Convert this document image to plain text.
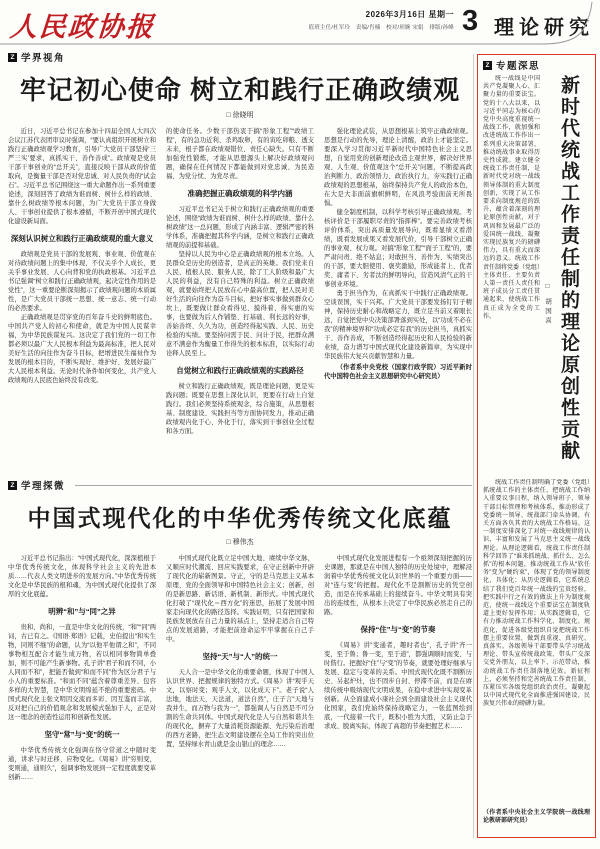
人民政协报	2026年3月16日 星期一
值班主任/杜军玲　责编/肖楠　校对/顼婉 宋娟　排版/孙峰 3 理论研究
Z 学界视角
牢记初心使命 树立和践行正确政绩观
□ 徐晓明

近日，习近平总书记在参加十四届全国人大四次会议江苏代表团审议时强调，“要认真组织开展树立和践行正确政绩观学习教育，引导广大党员干部坚持‘三严三实’要求，真抓实干、善作善成”。政绩观是党员干部干事创业的“总开关”，直接反映干部从政的价值取向，是衡量干部是否对党忠诚、对人民负责的“试金石”。习近平总书记围绕这一重大命题作出一系列重要论述，深刻回答了政绩为谁而树、树什么样的政绩、靠什么树政绩等根本问题，为广大党员干部立身做人、干事创业提供了根本遵循，不断开创中国式现代化建设新局面。

深刻认识树立和践行正确政绩观的重大意义

政绩观是党员干部的发展观、事业观、价值观在对待政绩问题上的集中体现，不仅关乎个人成长，更关乎事业发展、人心向背和党的执政根基。习近平总书记强调“树立和践行正确政绩观，起决定性作用的是党性”，这一重要论断深刻揭示了政绩观问题的本质属性，是广大党员干部统一思想、统一意志、统一行动的必然要求。

正确政绩观是贯穿党的百年奋斗史的鲜明底色。中国共产党人的初心和使命，就是为中国人民谋幸福，为中华民族谋复兴。这决定了我们党的一切工作都必须以最广大人民根本利益为最高标准，把人民对美好生活的向往作为奋斗目标，把增进民生福祉作为发展的根本目的，不断实现好、维护好、发展好最广大人民根本利益。无论时代条件如何变化，共产党人政绩观的人民底色始终没有改变。

的使命任务。少数干部热衷于搞“形象工程”“政绩工程”，有的急功近利、杀鸡取卵，有的寅吃卯粮、透支未来，根子都在政绩观错位、责任心缺失。只有不断加强党性锻炼，才能从思想源头上解决好政绩观问题，确保在任何情况下都能做到对党忠诚、为民造福、为党分忧、为党尽责。

准确把握正确政绩观的科学内涵

习近平总书记关于树立和践行正确政绩观的重要论述，围绕“政绩为谁而树、树什么样的政绩、靠什么树政绩”这一总问题，形成了内涵丰富、逻辑严密的科学体系，准确把握其科学内涵，是树立和践行正确政绩观的前提和基础。

坚持以人民为中心是正确政绩观的根本立场。人民群众是历史的创造者，是真正的英雄。我们党来自人民、植根人民、服务人民，除了工人阶级和最广大人民的利益，没有自己特殊的利益。树立正确政绩观，就要始终把人民放在心中最高位置，把人民对美好生活的向往作为奋斗目标，把好事实事做到群众心坎上，既要做让群众看得见、摸得着、得实惠的实事，也要做为后人作铺垫、打基础、利长远的好事，善始善终、久久为功，创造经得起实践、人民、历史检验的实绩。要坚持问需于民、问计于民，把群众满意不满意作为衡量工作得失的根本标准，以实际行动诠释人民至上。

自觉树立和践行正确政绩观的实践路径

树立和践行正确政绩观，既是理论问题，更是实践问题；既要在思想上深化认识，更要在行动上自觉践行。我们必须坚持系统观念，综合施策，从思想根基、制度建设、实践担当等方面协同发力，推动正确政绩观内化于心、外化于行，落实到干事创业全过程和各方面。

强化理论武装，从思想根基上筑牢正确政绩观。思想是行动的先导，理论上清醒，政治上才能坚定。要深入学习贯彻习近平新时代中国特色社会主义思想，自觉用党的创新理论改造主观世界，解决好世界观、人生观、价值观这个“总开关”问题，不断提高政治判断力、政治领悟力、政治执行力，夯实践行正确政绩观的思想根基，始终保持共产党人的政治本色，在大是大非面前旗帜鲜明，在风浪考验面前无所畏惧。

健全制度机制，以科学考核引导正确政绩观。考核评价是干部履职尽责的“指挥棒”。要完善政绩考核评价体系，突出高质量发展导向，既看显绩又看潜绩，既看发展成果又看发展代价，引导干部树立正确的事业观、权力观。对搞“形象工程”“面子工程”的，要严肃问责、绝不姑息；对敢担当、善作为、实绩突出的干部，要大胆使用、褒奖激励，形成能者上、优者奖、庸者下、劣者汰的鲜明导向，营造风清气正的干事创业环境。

勇于担当作为，在真抓实干中践行正确政绩观。空谈误国，实干兴邦。广大党员干部要发扬钉钉子精神，保持历史耐心和战略定力，既立足当前又着眼长远，自觉把党中央决策部署落到实处，以“功成不必在我”的精神境界和“功成必定有我”的历史担当，真抓实干、善作善成，不断创造经得起历史和人民检验的新业绩，奋力谱写中国式现代化建设新篇章，为实现中华民族伟大复兴贡献智慧和力量。

（作者系中央党校（国家行政学院）习近平新时代中国特色社会主义思想研究中心研究员）

Z 学理探微
中国式现代化的中华优秀传统文化底蕴
□ 穆伟杰

习近平总书记指出：“中国式现代化，深深植根于中华优秀传统文化，体现科学社会主义的先进本质……代表人类文明进步的发展方向。”中华优秀传统文化是中华民族的根和魂，为中国式现代化提供了深厚的文化底蕴。

明辨“和”与“同”之异

贵和、尚和，一直是中华文化的传统，“和”“同”两词，古已有之。《国语·郑语》记载，史伯提出“和实生物，同则不继”的命题，认为“以他平他谓之和”，不同事物相互配合才能生成万物，若以相同事物简单叠加，则不可能产生新事物。孔子讲“君子和而不同，小人同而不和”，把能否做到“和而不同”作为区分君子与小人的重要标准。“和而不同”蕴含着尊重差异、包容多样的大智慧，是中华文明绵延不绝的重要密码。中国式现代化主张文明因交流而多彩、因互鉴而丰富，反对把自己的价值观念和发展模式强加于人，正是对这一理念的创造性运用和创新性发展。

坚守“常”与“变”的统一

中华优秀传统文化强调在恪守常道之中随时变通，讲求与时迁移、应物变化。《周易》讲“穷则变，变则通，通则久”，强调事物发展到一定程度就要变革创新……

中国式现代化既立足中国大地、赓续中华文脉，又顺应时代潮流、回应实践要求，在守正创新中开辟了现代化的崭新图景。守正，守的是马克思主义基本原理、党的全面领导和中国特色社会主义；创新，创的是新思路、新话语、新机制、新形式。中国式现代化打破了“现代化＝西方化”的迷思，拓展了发展中国家走向现代化的路径选择。实践证明，只有把国家和民族发展放在自己力量的基点上，坚持走适合自己特点的发展道路，才能把前途命运牢牢掌握在自己手中。

坚持“天”与“人”的统一

天人合一是中华文化的重要命题，体现了中国人认识世界、把握规律的独特方式。《周易》讲“观乎天文，以察时变；观乎人文，以化成天下”。老子说“人法地，地法天，天法道，道法自然”，庄子言“天地与我并生，而万物与我为一”，都强调人与自然是不可分割的生命共同体。中国式现代化是人与自然和谐共生的现代化，摒弃了大量消耗资源能源、先污染后治理的西方老路，把生态文明建设摆在全局工作的突出位置，坚持绿水青山就是金山银山的理念……

中国式现代化发展进程有一个亟须深刻把握的历史课题，那就是在中国人独特的历史处境中，理解浸润着中华优秀传统文化认识世界的一个重要方面——对“连与变”的把握。现代化不是割断历史的凭空创造，而是在传承基础上的接续奋斗。中华文明具有突出的连续性，从根本上决定了中华民族必然走自己的路。

保持“住”与“变”的节奏

《周易》讲“变通者，趣时者也”，孔子讲“齐一变，至于鲁；鲁一变，至于道”，都强调顺时而变、与时偕行。把握好“住”与“变”的节奏，就要处理好继承与发展、稳定与变革的关系。中国式现代化既不割断历史、另起炉灶，也不固步自封、停滞不前，而是在赓续传统中吸纳现代文明成果，在稳中求进中实现变革创新。从全面建成小康社会到全面建设社会主义现代化国家，我们党始终保持战略定力，一张蓝图绘到底，一代接着一代干，既积小胜为大胜，又防止急于求成、脱离实际，体现了高超的节奏把握艺术……

Z 专题深思

统一战线是中国共产党凝聚人心、汇聚力量的重要法宝。党的十八大以来，以习近平同志为核心的党中央高度重视统一战线工作，就加强和改进统战工作作出一系列重大决策部署，推动统战事业取得历史性成就。建立健全统战工作责任制，是新时代党对统一战线领导体制的重大制度创新，实现了从工作要求向制度规范的跃升，蕴含着深刻的理论原创性贡献，对于巩固和发展最广泛的爱国统一战线、凝聚实现民族复兴的磅礴伟力，具有重大而深远的意义。统战工作责任制将党委（党组）主体责任、主要负责人第一责任人责任和班子成员分工责任贯通起来，使统战工作真正成为全党的工作。	□ 胡国喜 新时代统战工作责任制的理论原创性贡献

统战工作责任制明确了党委（党组）抓统战工作的主体责任，把统战工作纳入重要议事日程，纳入领导班子、领导干部目标管理和考核体系，推动形成了党委统一领导、统战部门牵头协调、有关方面各负其责的大统战工作格局。这一制度安排深化了对统一战线规律的认识，丰富和发展了马克思主义统一战线理论。从理论逻辑看，统战工作责任制科学回答了“谁来抓统战、抓什么、怎么抓”的根本问题，推动统战工作从“软任务”变为“硬约束”，体现了党的领导制度化、具体化；从历史逻辑看，它系统总结了我们党百年统一战线的宝贵经验，把实践中行之有效的做法上升为制度规范，使统一战线这个重要法宝在制度轨道上更好发挥作用；从实践逻辑看，它有力推动统战工作科学化、制度化、规范化，促进各级党组织自觉把统战工作摆上重要位置，做到真重视、真研究、真落实。各级领导干部要带头学习统战理论、带头宣传统战政策、带头广交深交党外朋友，以上率下、示范带动，推动统战工作责任制落地见效。新征程上，必须坚持和完善统战工作责任制，压紧压实各级党组织政治责任，凝聚起以中国式现代化全面推进强国建设、民族复兴伟业的磅礴力量。

（作者系中央社会主义学院统一战线理论教研部研究员）
